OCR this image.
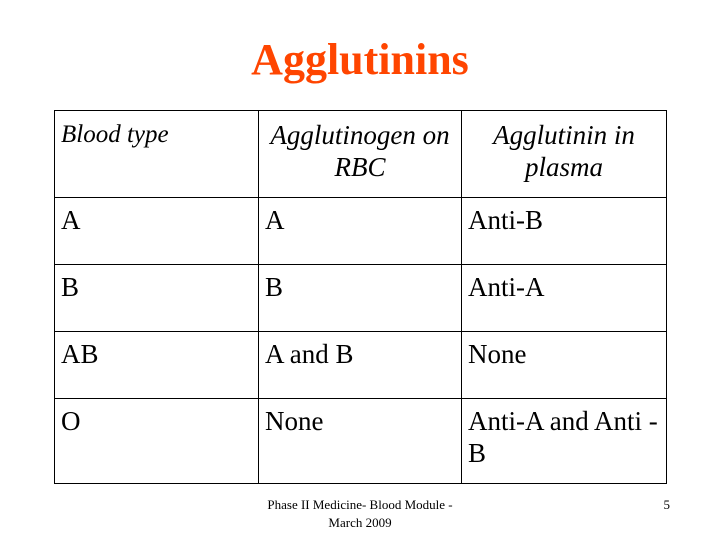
Agglutinins
Blood type	Agglutinogen on RBC	Agglutinin in plasma

A	A	Anti-B

B	B	Anti-A

AB	A and B	None

O	None	Anti-A and Anti -B
Phase II Medicine- Blood Module - March 2009
5
